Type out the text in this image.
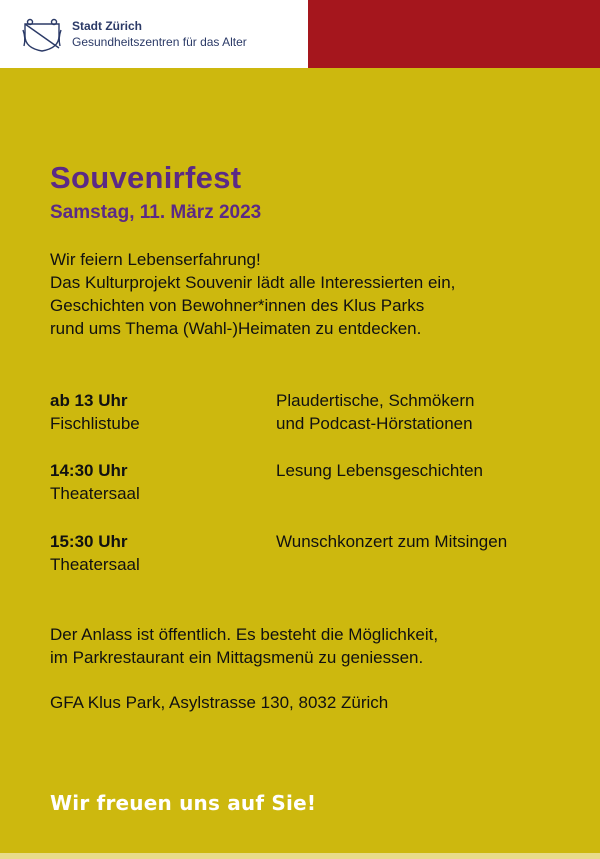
Stadt Zürich
Gesundheitszentren für das Alter
Souvenirfest
Samstag, 11. März 2023
Wir feiern Lebenserfahrung!
Das Kulturprojekt Souvenir lädt alle Interessierten ein,
Geschichten von Bewohner*innen des Klus Parks
rund ums Thema (Wahl-)Heimaten zu entdecken.
ab 13 Uhr
Fischlistube
Plaudertische, Schmökern
und Podcast-Hörstationen
14:30 Uhr
Theatersaal
Lesung Lebensgeschichten
15:30 Uhr
Theatersaal
Wunschkonzert zum Mitsingen
Der Anlass ist öffentlich. Es besteht die Möglichkeit,
im Parkrestaurant ein Mittagsmenü zu geniessen.
GFA Klus Park, Asylstrasse 130, 8032 Zürich
Wir freuen uns auf Sie!
